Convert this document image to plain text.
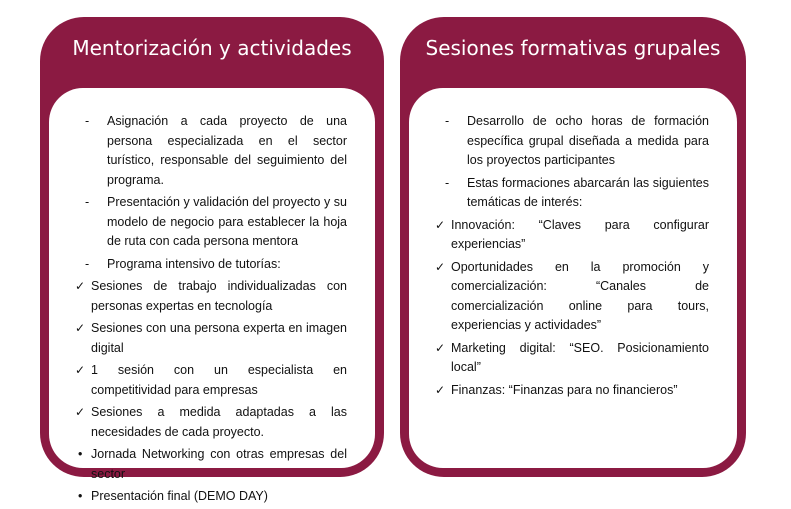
Mentorización y actividades
- Asignación a cada proyecto de una persona especializada en el sector turístico, responsable del seguimiento del programa.
- Presentación y validación del proyecto y su modelo de negocio para establecer la hoja de ruta con cada persona mentora
- Programa intensivo de tutorías:
✓ Sesiones de trabajo individualizadas con personas expertas en tecnología
✓ Sesiones con una persona experta en imagen digital
✓ 1 sesión con un especialista en competitividad para empresas
✓ Sesiones a medida adaptadas a las necesidades de cada proyecto.
• Jornada Networking con otras empresas del sector
• Presentación final (DEMO DAY)
Sesiones formativas grupales
- Desarrollo de ocho horas de formación específica grupal diseñada a medida para los proyectos participantes
- Estas formaciones abarcarán las siguientes temáticas de interés:
✓ Innovación: “Claves para configurar experiencias”
✓ Oportunidades en la promoción y comercialización: “Canales de comercialización online para tours, experiencias y actividades”
✓ Marketing digital: “SEO. Posicionamiento local”
✓ Finanzas: “Finanzas para no financieros”
